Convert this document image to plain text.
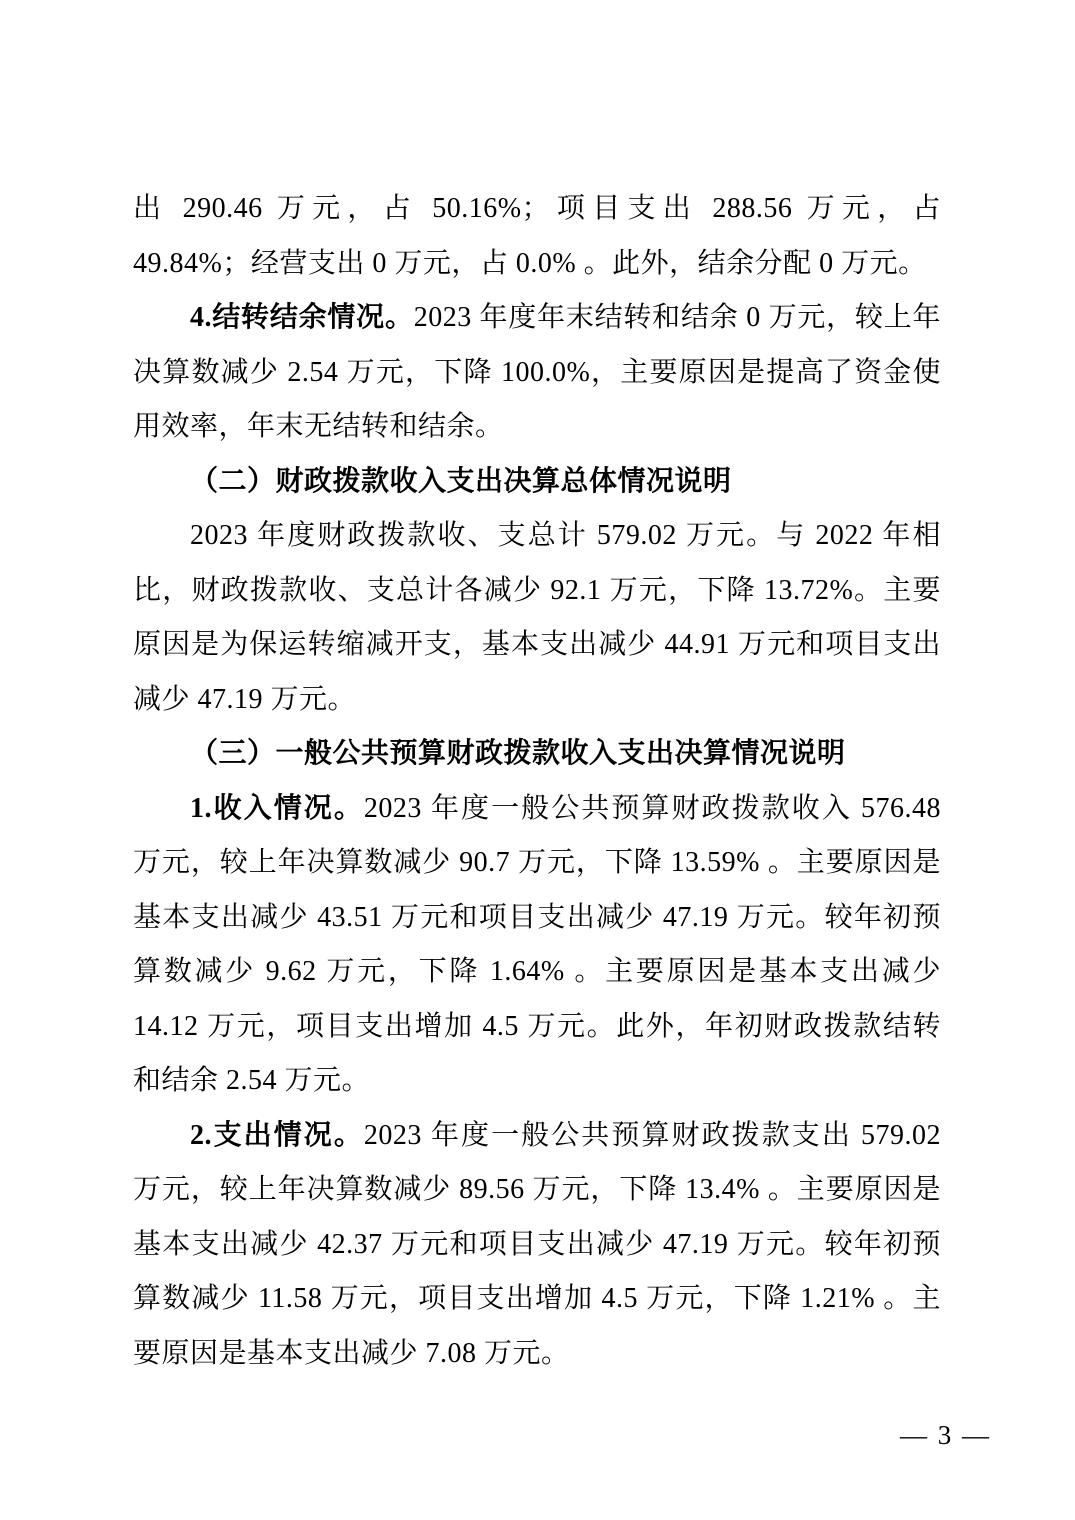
出 290.46 万元，占 50.16%；项目支出 288.56 万元，占 49.84%；经营支出 0 万元，占 0.0% 。此外，结余分配 0 万元。

4.结转结余情况。2023 年度年末结转和结余 0 万元，较上年决算数减少 2.54 万元，下降 100.0%，主要原因是提高了资金使用效率，年末无结转和结余。

（二）财政拨款收入支出决算总体情况说明

2023 年度财政拨款收、支总计 579.02 万元。与 2022 年相比，财政拨款收、支总计各减少 92.1 万元，下降 13.72%。主要原因是为保运转缩减开支，基本支出减少 44.91 万元和项目支出减少 47.19 万元。

（三）一般公共预算财政拨款收入支出决算情况说明

1.收入情况。2023 年度一般公共预算财政拨款收入 576.48 万元，较上年决算数减少 90.7 万元，下降 13.59% 。主要原因是基本支出减少 43.51 万元和项目支出减少 47.19 万元。较年初预算数减少 9.62 万元，下降 1.64% 。主要原因是基本支出减少 14.12 万元，项目支出增加 4.5 万元。此外，年初财政拨款结转和结余 2.54 万元。

2.支出情况。2023 年度一般公共预算财政拨款支出 579.02 万元，较上年决算数减少 89.56 万元，下降 13.4% 。主要原因是基本支出减少 42.37 万元和项目支出减少 47.19 万元。较年初预算数减少 11.58 万元，项目支出增加 4.5 万元，下降 1.21% 。主要原因是基本支出减少 7.08 万元。

— 3 —
